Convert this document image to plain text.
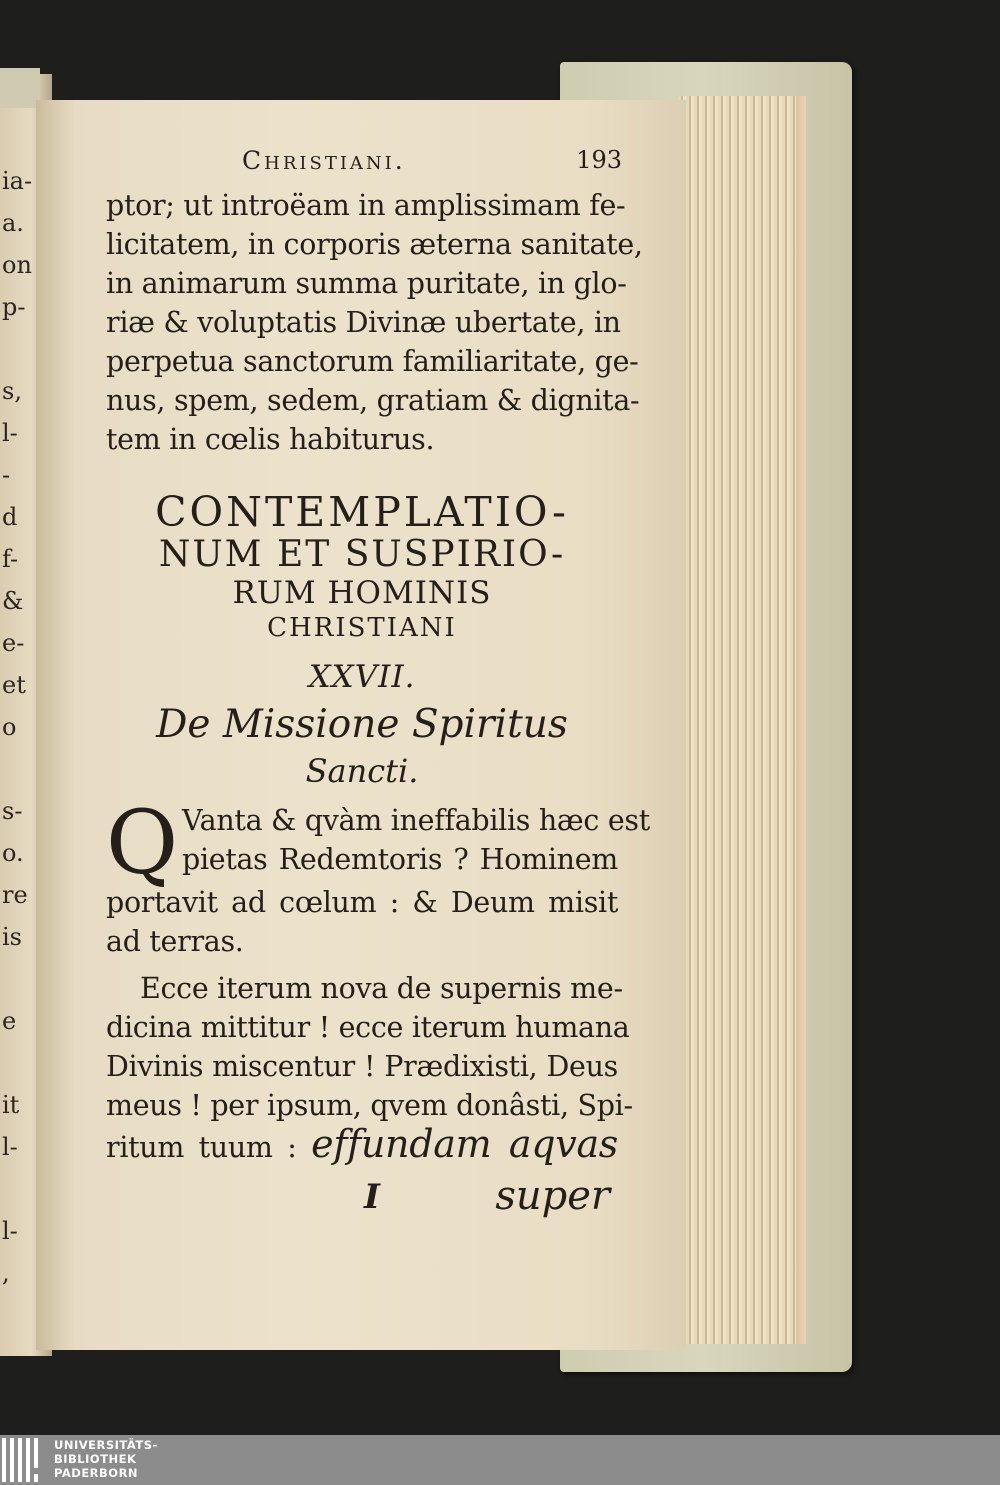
ia-
a.
on
p-
s,
l-
-
d
f-
&
e-
et
o
s-
o.
re
is
e
it
l-
l-
,
Christiani.	193
ptor; ut introëam in amplissimam fe-
licitatem, in corporis æterna sanitate,
in animarum summa puritate, in glo-
riæ & voluptatis Divinæ ubertate, in
perpetua sanctorum familiaritate, ge-
nus, spem, sedem, gratiam & dignita-
tem in cœlis habiturus.
CONTEMPLATIO-
NUM ET SUSPIRIO-
RUM HOMINIS
CHRISTIANI
XXVII.
De Missione Spiritus
Sancti.
Q Vanta & qvàm ineffabilis hæc est
pietas Redemtoris ? Hominem
portavit ad cœlum : & Deum misit
ad terras.
Ecce iterum nova de supernis me-
dicina mittitur ! ecce iterum humana
Divinis miscentur ! Prædixisti, Deus
meus ! per ipsum, qvem donâsti, Spi-
ritum tuum : effundam aqvas
I	super
UNIVERSITÄTS-
BIBLIOTHEK
PADERBORN
